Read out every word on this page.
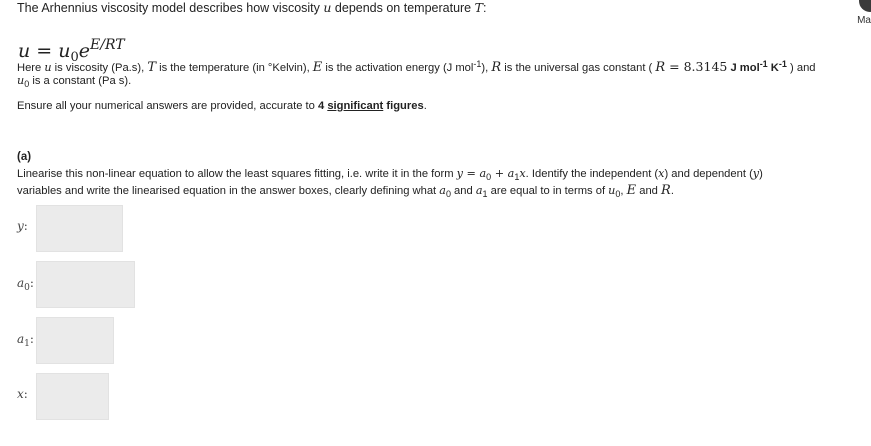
The Arhennius viscosity model describes how viscosity u depends on temperature T:
Ma
$u = u_0e^{E/RT}$
Here u is viscosity (Pa.s), T is the temperature (in °Kelvin), E is the activation energy (J mol$^{-1}$), R is the universal gas constant ( R = 8.3145 J mol$^{-1}$ $K^{-1}$ ) and
$u_0$ is a constant (Pa s).
Ensure all your numerical answers are provided, accurate to 4 significant figures.
(a)
Linearise this non-linear equation to allow the least squares fitting, i.e. write it in the form $y = a_0 + a_1x$. Identify the independent (x) and dependent (y)
variables and write the linearised equation in the answer boxes, clearly defining what $a_0$ and $a_1$ are equal to in terms of $u_0$, E and R.
y:
$a_0$:
$a_1$:
x:
